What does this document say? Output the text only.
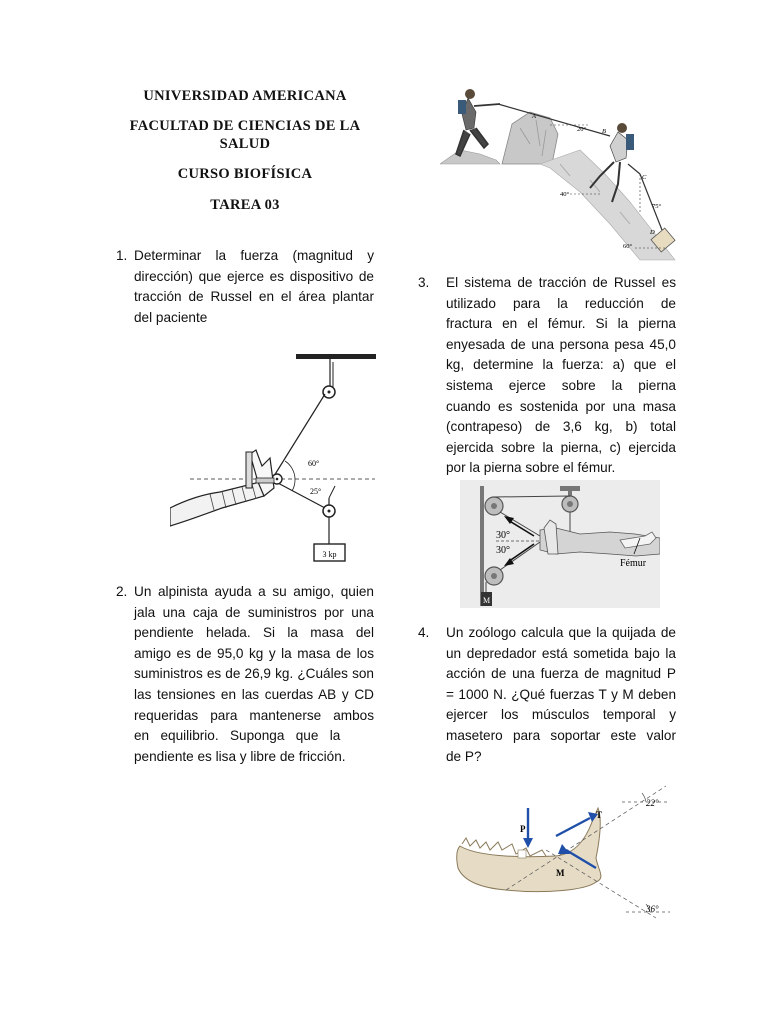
UNIVERSIDAD AMERICANA
FACULTAD DE CIENCIAS DE LA
SALUD
CURSO BIOFÍSICA
TAREA 03
1. Determinar la fuerza (magnitud y
dirección) que ejerce es dispositivo de
tracción de Russel en el área plantar
del paciente
3 kp
60°
25°
2. Un alpinista ayuda a su amigo, quien
jala una caja de suministros por una
pendiente helada. Si la masa del
amigo es de 95,0 kg y la masa de los
suministros es de 26,9 kg. ¿Cuáles son
las tensiones en las cuerdas AB y CD
requeridas para mantenerse ambos
en   equilibrio.   Suponga   que   la
pendiente es lisa y libre de fricción.
A
B
20°
C
D
75°
40°
60°
3. El sistema de tracción de Russel es
utilizado para la reducción de
fractura en el fémur. Si la pierna
enyesada de una persona pesa 45,0
kg, determine la fuerza: a) que el
sistema ejerce sobre la pierna
cuando es sostenida por una masa
(contrapeso) de 3,6 kg, b) total
ejercida sobre la pierna, c) ejercida
por la pierna sobre el fémur.
30°
30°
Fémur
M
4. Un zoólogo calcula que la quijada de
un depredador está sometida bajo la
acción de una fuerza de magnitud P
= 1000 N. ¿Qué fuerzas T y M deben
ejercer los músculos temporal y
masetero para soportar este valor
de P?
22°
36°
P
T
M
